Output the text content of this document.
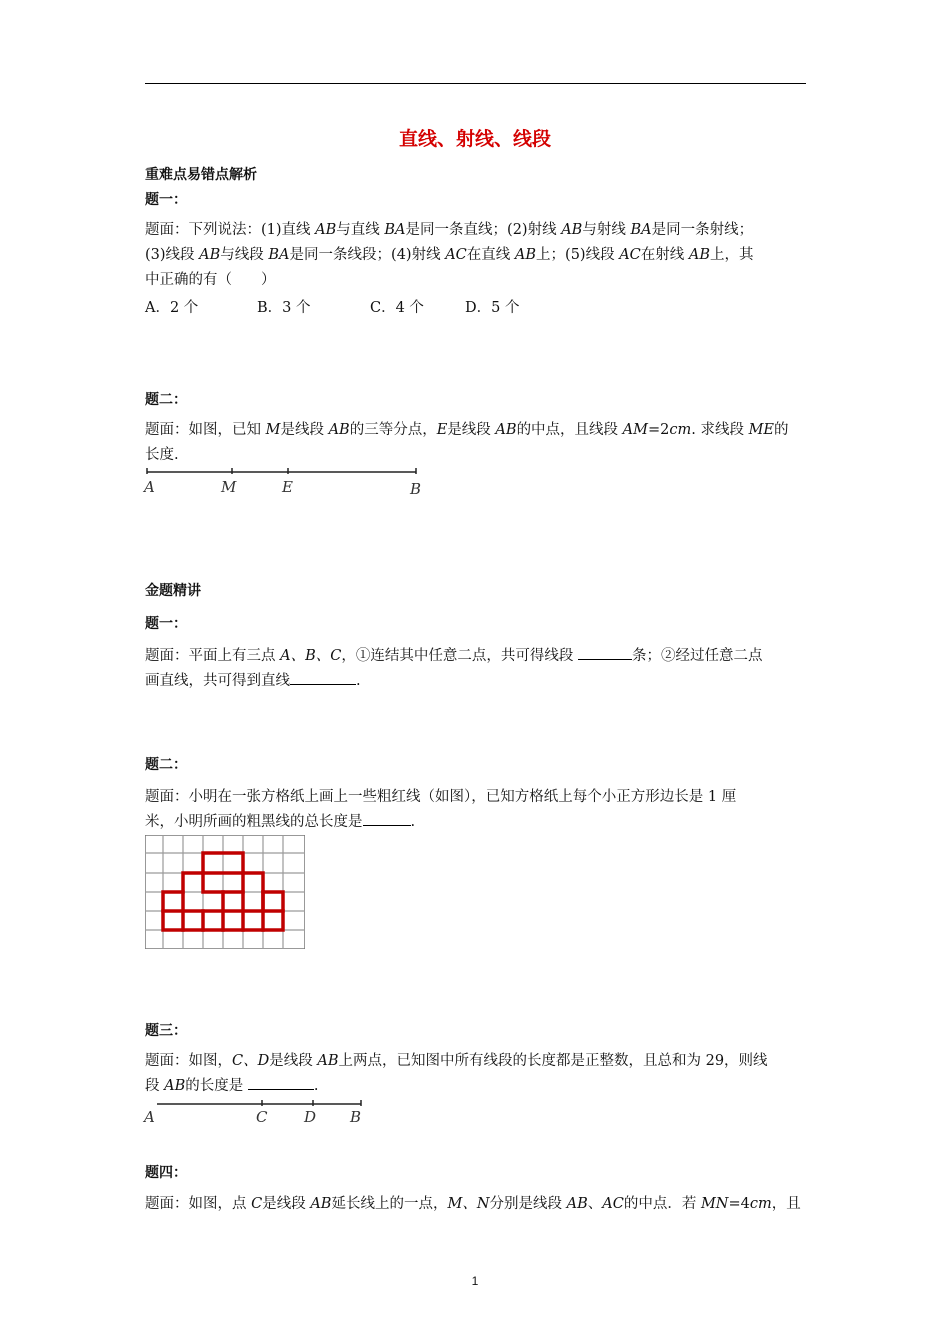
直线、射线、线段
重难点易错点解析
题一：
题面：下列说法：(1)直线 AB与直线 BA是同一条直线；(2)射线 AB与射线 BA是同一条射线；
(3)线段 AB与线段 BA是同一条线段；(4)射线 AC在直线 AB上；(5)线段 AC在射线 AB上，其
中正确的有（　　）
A．2 个	B．3 个	C．4 个	D．5 个
题二：
题面：如图，已知 M是线段 AB的三等分点，E是线段 AB的中点，且线段 AM=2cm. 求线段 ME的
长度.
A	M	E	B
金题精讲
题一：
题面：平面上有三点 A、B、C，①连结其中任意二点，共可得线段	条；②经过任意二点
画直线，共可得到直线	.
题二：
题面：小明在一张方格纸上画上一些粗红线（如图），已知方格纸上每个小正方形边长是 1 厘
米，小明所画的粗黑线的总长度是	.
题三：
题面：如图，C、D是线段 AB上两点，已知图中所有线段的长度都是正整数，且总和为 29，则线
段 AB的长度是	.
A	C D B
题四：
题面：如图，点 C是线段 AB延长线上的一点，M、N分别是线段 AB、AC的中点．若 MN=4cm，且
1
